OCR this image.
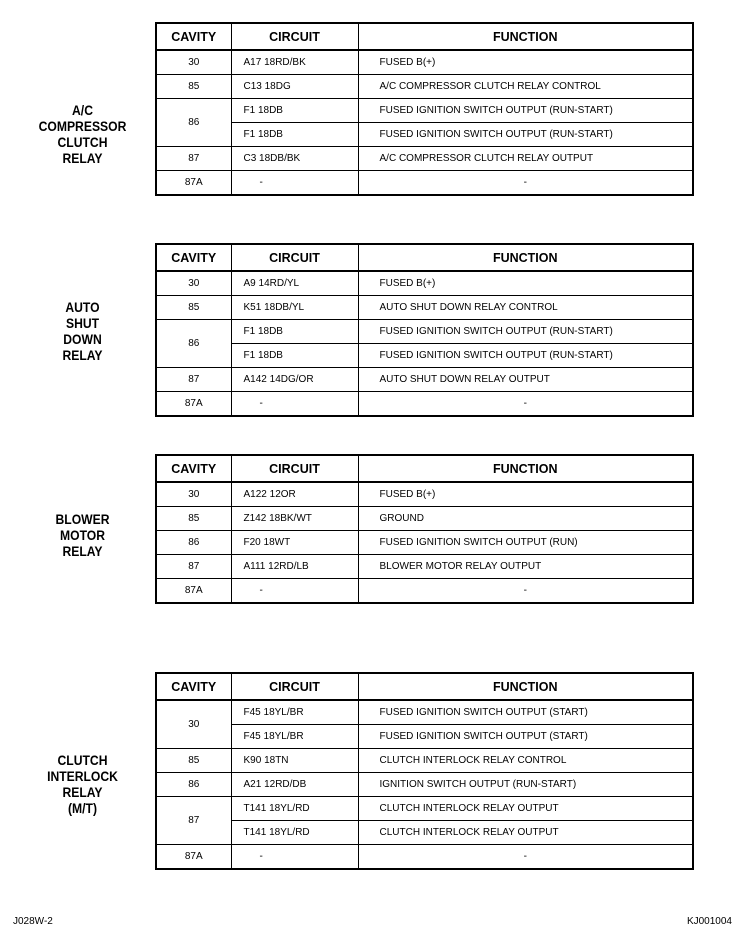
A/C
COMPRESSOR
CLUTCH
RELAY
CAVITY	CIRCUIT	FUNCTION
30	A17 18RD/BK	FUSED B(+)
85	C13 18DG	A/C COMPRESSOR CLUTCH RELAY CONTROL
86	F1 18DB	FUSED IGNITION SWITCH OUTPUT (RUN-START)
	F1 18DB	FUSED IGNITION SWITCH OUTPUT (RUN-START)
87	C3 18DB/BK	A/C COMPRESSOR CLUTCH RELAY OUTPUT
87A	-	-
AUTO
SHUT
DOWN
RELAY
CAVITY	CIRCUIT	FUNCTION
30	A9 14RD/YL	FUSED B(+)
85	K51 18DB/YL	AUTO SHUT DOWN RELAY CONTROL
86	F1 18DB	FUSED IGNITION SWITCH OUTPUT (RUN-START)
	F1 18DB	FUSED IGNITION SWITCH OUTPUT (RUN-START)
87	A142 14DG/OR	AUTO SHUT DOWN RELAY OUTPUT
87A	-	-
BLOWER
MOTOR
RELAY
CAVITY	CIRCUIT	FUNCTION
30	A122 12OR	FUSED B(+)
85	Z142 18BK/WT	GROUND
86	F20 18WT	FUSED IGNITION SWITCH OUTPUT (RUN)
87	A111 12RD/LB	BLOWER MOTOR RELAY OUTPUT
87A	-	-
CLUTCH
INTERLOCK
RELAY
(M/T)
CAVITY	CIRCUIT	FUNCTION
30	F45 18YL/BR	FUSED IGNITION SWITCH OUTPUT (START)
	F45 18YL/BR	FUSED IGNITION SWITCH OUTPUT (START)
85	K90 18TN	CLUTCH INTERLOCK RELAY CONTROL
86	A21 12RD/DB	IGNITION SWITCH OUTPUT (RUN-START)
87	T141 18YL/RD	CLUTCH INTERLOCK RELAY OUTPUT
	T141 18YL/RD	CLUTCH INTERLOCK RELAY OUTPUT
87A	-	-
J028W-2	KJ001004
